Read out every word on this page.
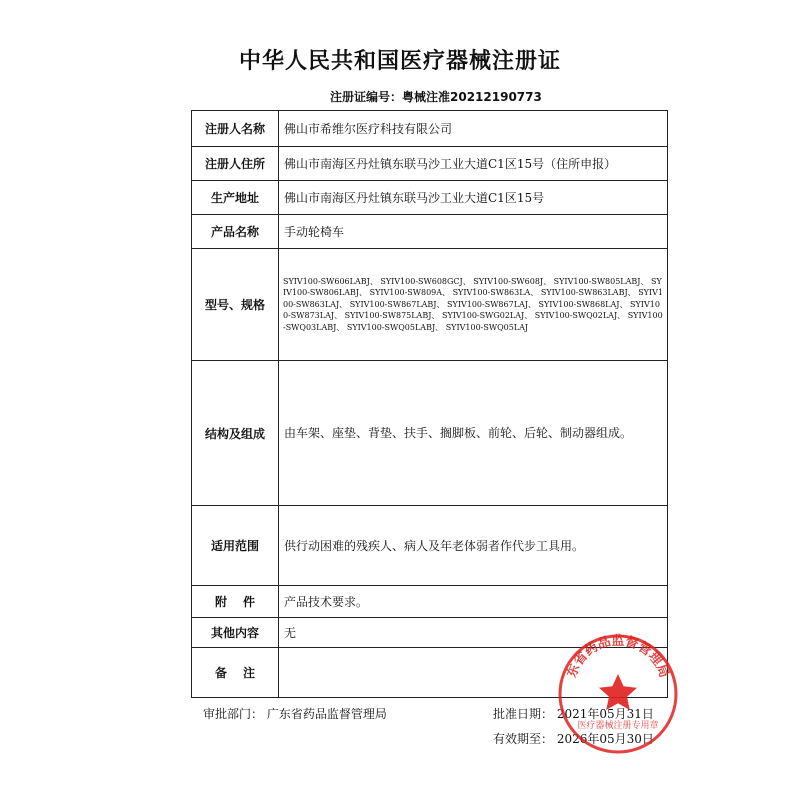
中华人民共和国医疗器械注册证
注册证编号：粤械注准20212190773
注册人名称	佛山市希维尔医疗科技有限公司
注册人住所	佛山市南海区丹灶镇东联马沙工业大道C1区15号（住所申报）
生产地址	佛山市南海区丹灶镇东联马沙工业大道C1区15号
产品名称	手动轮椅车
型号、规格	SYIV100-SW606LABJ、 SYIV100-SW608GCJ、 SYIV100-SW608J、 SYIV100-SW805LABJ、 SYIV100-SW806LABJ、 SYIV100-SW809A、 SYIV100-SW863LA、 SYIV100-SW863LABJ、 SYIV100-SW863LAJ、 SYIV100-SW867LABJ、 SYIV100-SW867LAJ、 SYIV100-SW868LAJ、 SYIV100-SW873LAJ、 SYIV100-SW875LABJ、 SYIV100-SWG02LAJ、 SYIV100-SWQ02LAJ、 SYIV100-SWQ03LABJ、 SYIV100-SWQ05LABJ、 SYIV100-SWQ05LAJ
结构及组成	由车架、座垫、背垫、扶手、搁脚板、前轮、后轮、制动器组成。
适用范围	供行动困难的残疾人、病人及年老体弱者作代步工具用。
附件	产品技术要求。
其他内容	无
备注	
审批部门： 广东省药品监督管理局	批准日期： 2021年05月31日
有效期至： 2026年05月30日
东省药品监督管理局
医疗器械注册专用章
